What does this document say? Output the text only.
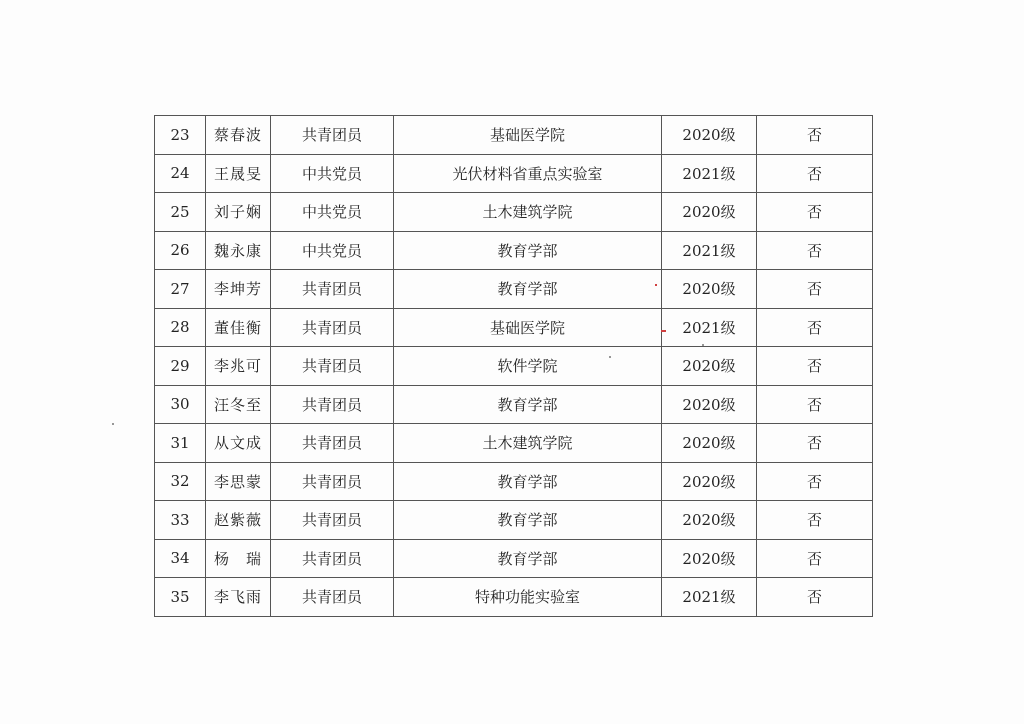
23	蔡春波	共青团员	基础医学院	2020级	否
24	王晟旻	中共党员	光伏材料省重点实验室	2021级	否
25	刘子娴	中共党员	土木建筑学院	2020级	否
26	魏永康	中共党员	教育学部	2021级	否
27	李坤芳	共青团员	教育学部	2020级	否
28	董佳衡	共青团员	基础医学院	2021级	否
29	李兆可	共青团员	软件学院	2020级	否
30	汪冬至	共青团员	教育学部	2020级	否
31	从文成	共青团员	土木建筑学院	2020级	否
32	李思蒙	共青团员	教育学部	2020级	否
33	赵紫薇	共青团员	教育学部	2020级	否
34	杨　瑞	共青团员	教育学部	2020级	否
35	李飞雨	共青团员	特种功能实验室	2021级	否
